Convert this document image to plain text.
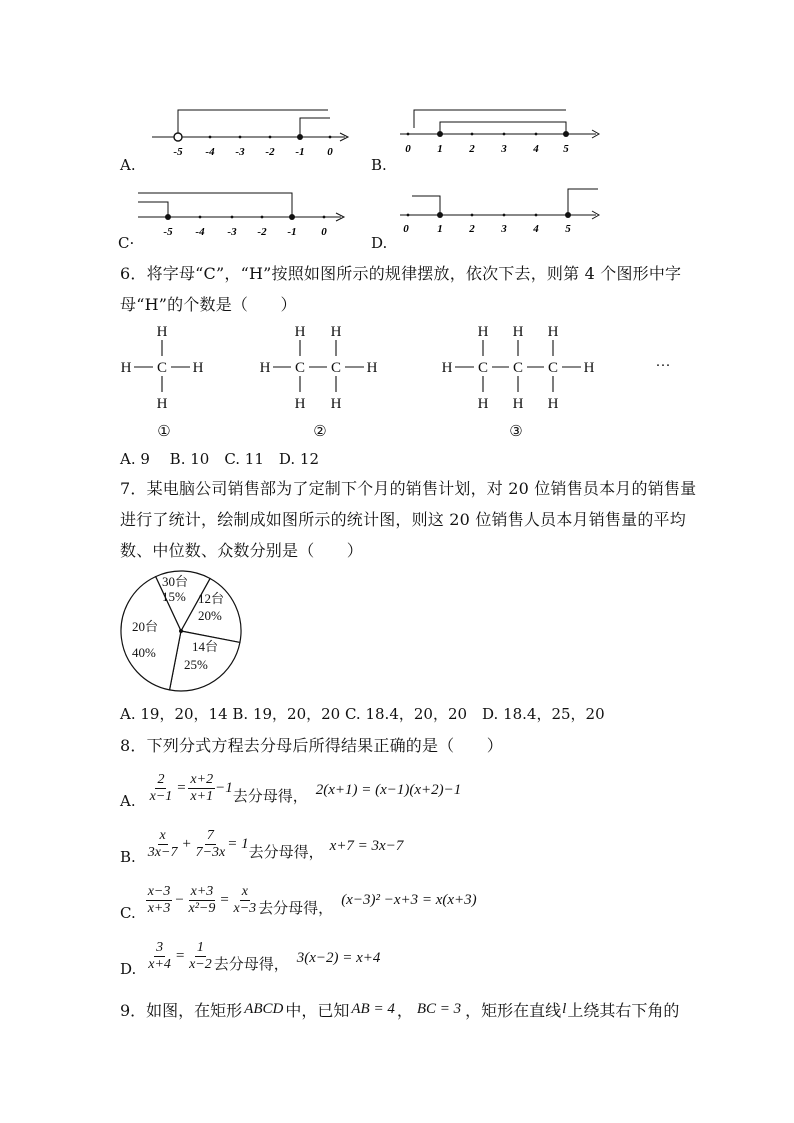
-5 -4 -3 -2 -1 0
A.
0 1 2 3 4 5
B.
-5 -4 -3 -2 -1 0
C·
0	1 2 3 4 5
D.
6．将字母“C”，“H”按照如图所示的规律摆放，依次下去，则第 4 个图形中字
母“H”的个数是（　　）
H
H C H
H
H H
H C C H
H H
H H H
H C C C H
H H H
···
①	②	③
A. 9　 B. 10　C. 11　D. 12
7．某电脑公司销售部为了定制下个月的销售计划，对 20 位销售员本月的销售量
进行了统计，绘制成如图所示的统计图，则这 20 位销售人员本月销售量的平均
数、中位数、众数分别是（　　）
30台
15% 12台
20%
14台
25%
20台
40%
A. 19，20，14 B. 19，20，20 C. 18.4，20，20　D. 18.4，25，20
8．下列分式方程去分母后所得结果正确的是（　　）
A. $\frac{2}{x-1} = \frac{x+2}{x+1} -1$ 去分母得， 2(x+1) = (x−1)(x+2)−1
B. $\frac{x}{3x-7} + \frac{7}{7-3x} = 1$ 去分母得， x+7 = 3x−7
C. $\frac{x-3}{x+3} - \frac{x+3}{\text{x²−9}} = \frac{x}{x-3}$ 去分母得， (x−3)² −x+3 = x(x+3)
D. $\frac{3}{x+4} = \frac{1}{x-2}$ 去分母得， 3(x−2) = x+4
9．如图，在矩形 ABCD 中，已知 AB = 4 ， BC = 3 ，矩形在直线 l 上绕其右下角的
